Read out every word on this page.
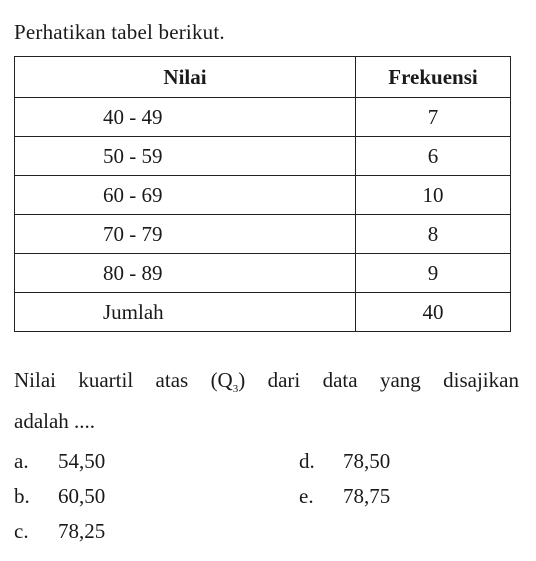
Perhatikan tabel berikut.
Nilai	Frekuensi
40 - 49	7
50 - 59	6
60 - 69	10
70 - 79	8
80 - 89	9
Jumlah	40
Nilai kuartil atas $(Q_3)$ dari data yang disajikan
adalah ....
a.	54,50
b.	60,50
c.	78,25
d.	78,50
e.	78,75
